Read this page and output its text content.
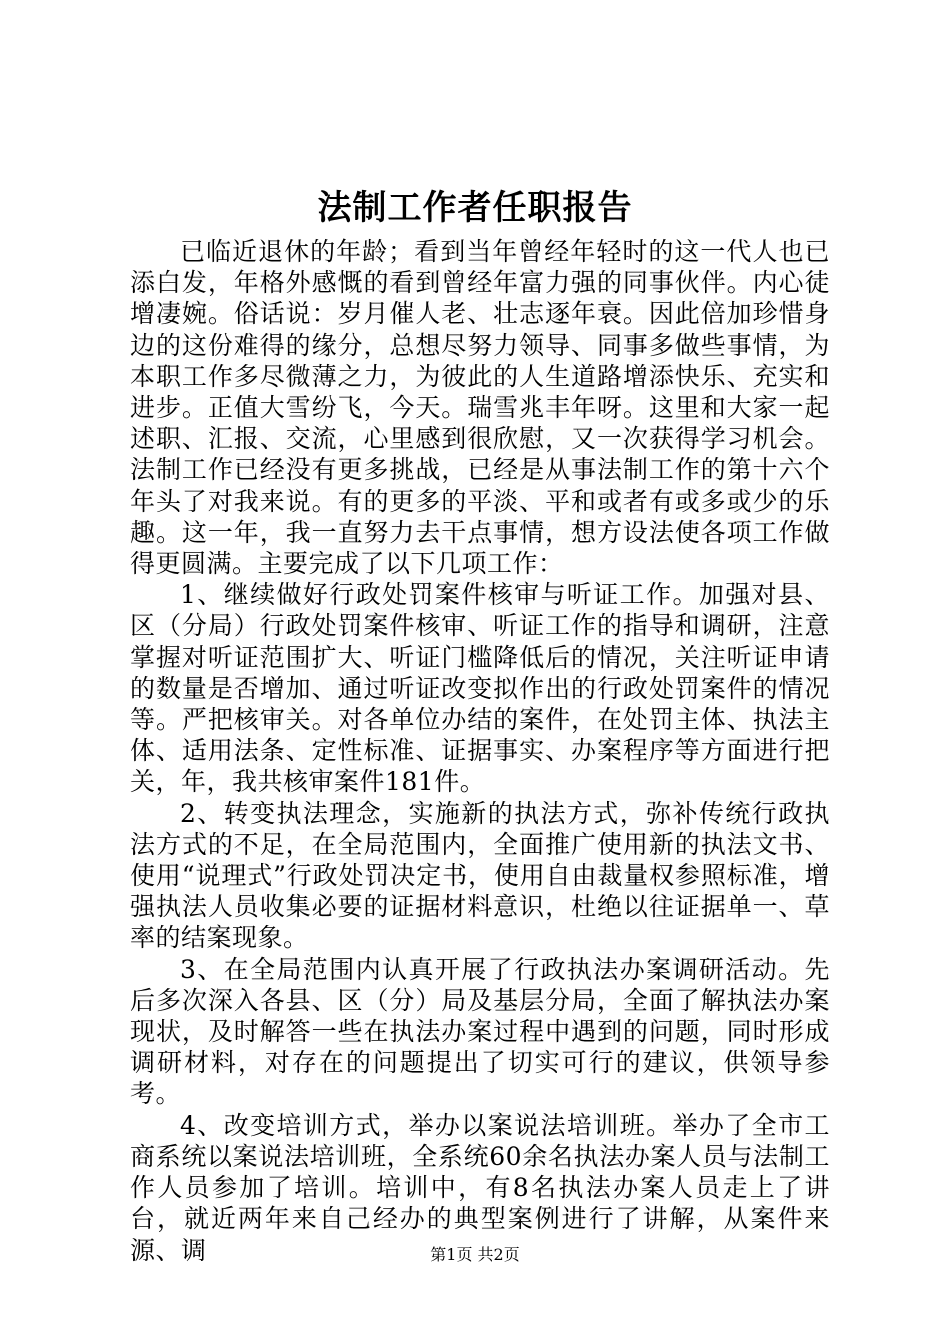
法制工作者任职报告

已临近退休的年龄；看到当年曾经年轻时的这一代人也已添白发，年格外感慨的看到曾经年富力强的同事伙伴。内心徒增凄婉。俗话说：岁月催人老、壮志逐年衰。因此倍加珍惜身边的这份难得的缘分，总想尽努力领导、同事多做些事情，为本职工作多尽微薄之力，为彼此的人生道路增添快乐、充实和进步。正值大雪纷飞，今天。瑞雪兆丰年呀。这里和大家一起述职、汇报、交流，心里感到很欣慰，又一次获得学习机会。法制工作已经没有更多挑战，已经是从事法制工作的第十六个年头了对我来说。有的更多的平淡、平和或者有或多或少的乐趣。这一年，我一直努力去干点事情，想方设法使各项工作做得更圆满。主要完成了以下几项工作：

1、继续做好行政处罚案件核审与听证工作。加强对县、区（分局）行政处罚案件核审、听证工作的指导和调研，注意掌握对听证范围扩大、听证门槛降低后的情况，关注听证申请的数量是否增加、通过听证改变拟作出的行政处罚案件的情况等。严把核审关。对各单位办结的案件，在处罚主体、执法主体、适用法条、定性标准、证据事实、办案程序等方面进行把关，年，我共核审案件181件。

2、转变执法理念，实施新的执法方式，弥补传统行政执法方式的不足，在全局范围内，全面推广使用新的执法文书、使用“说理式”行政处罚决定书，使用自由裁量权参照标准，增强执法人员收集必要的证据材料意识，杜绝以往证据单一、草率的结案现象。

3、在全局范围内认真开展了行政执法办案调研活动。先后多次深入各县、区（分）局及基层分局，全面了解执法办案现状，及时解答一些在执法办案过程中遇到的问题，同时形成调研材料，对存在的问题提出了切实可行的建议，供领导参考。

4、改变培训方式，举办以案说法培训班。举办了全市工商系统以案说法培训班，全系统60余名执法办案人员与法制工作人员参加了培训。培训中，有8名执法办案人员走上了讲台，就近两年来自己经办的典型案例进行了讲解，从案件来源、调	第1页 共2页
